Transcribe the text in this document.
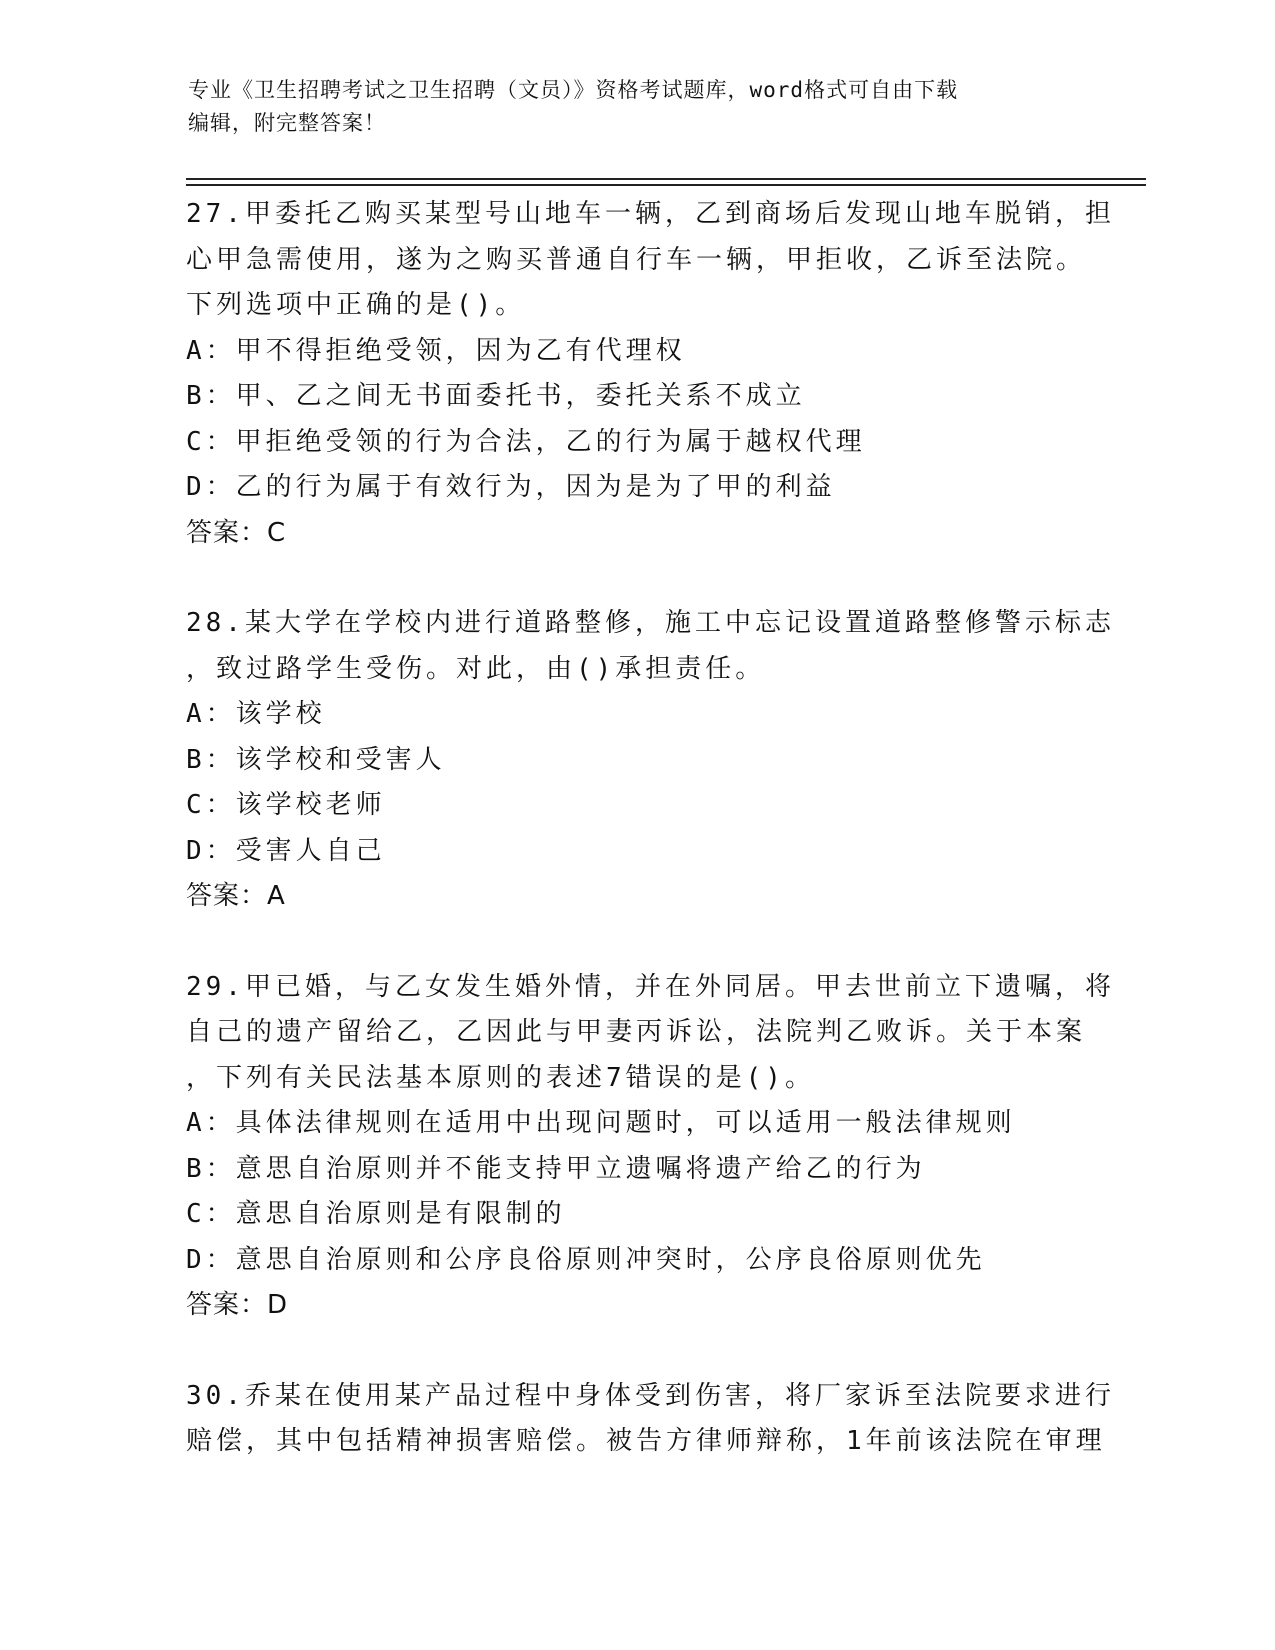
专业《卫生招聘考试之卫生招聘（文员）》资格考试题库，word格式可自由下载
编辑，附完整答案！
27.甲委托乙购买某型号山地车一辆，乙到商场后发现山地车脱销，担
心甲急需使用，遂为之购买普通自行车一辆，甲拒收，乙诉至法院。
下列选项中正确的是()。
A：甲不得拒绝受领，因为乙有代理权
B：甲、乙之间无书面委托书，委托关系不成立
C：甲拒绝受领的行为合法，乙的行为属于越权代理
D：乙的行为属于有效行为，因为是为了甲的利益
答案：C
28.某大学在学校内进行道路整修，施工中忘记设置道路整修警示标志
，致过路学生受伤。对此，由()承担责任。
A：该学校
B：该学校和受害人
C：该学校老师
D：受害人自己
答案：A
29.甲已婚，与乙女发生婚外情，并在外同居。甲去世前立下遗嘱，将
自己的遗产留给乙，乙因此与甲妻丙诉讼，法院判乙败诉。关于本案
，下列有关民法基本原则的表述7错误的是()。
A：具体法律规则在适用中出现问题时，可以适用一般法律规则
B：意思自治原则并不能支持甲立遗嘱将遗产给乙的行为
C：意思自治原则是有限制的
D：意思自治原则和公序良俗原则冲突时，公序良俗原则优先
答案：D
30.乔某在使用某产品过程中身体受到伤害，将厂家诉至法院要求进行
赔偿，其中包括精神损害赔偿。被告方律师辩称，1年前该法院在审理
